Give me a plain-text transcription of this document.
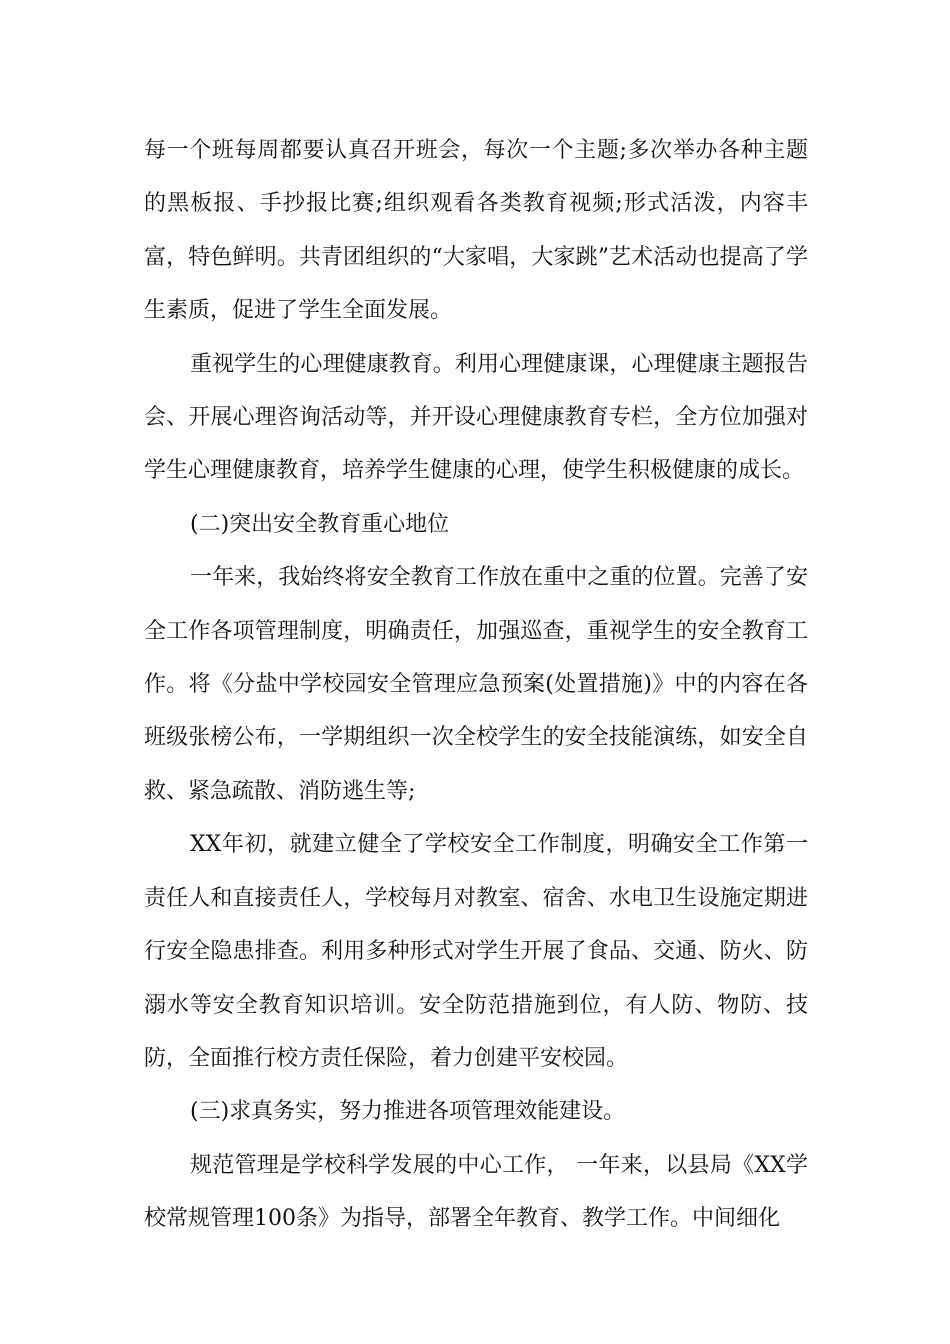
每一个班每周都要认真召开班会，每次一个主题;多次举办各种主题的黑板报、手抄报比赛;组织观看各类教育视频;形式活泼，内容丰富，特色鲜明。共青团组织的“大家唱，大家跳”艺术活动也提高了学生素质，促进了学生全面发展。

重视学生的心理健康教育。利用心理健康课，心理健康主题报告会、开展心理咨询活动等，并开设心理健康教育专栏，全方位加强对学生心理健康教育，培养学生健康的心理，使学生积极健康的成长。

(二)突出安全教育重心地位

一年来，我始终将安全教育工作放在重中之重的位置。完善了安全工作各项管理制度，明确责任，加强巡查，重视学生的安全教育工作。将《分盐中学校园安全管理应急预案(处置措施)》中的内容在各班级张榜公布，一学期组织一次全校学生的安全技能演练，如安全自救、紧急疏散、消防逃生等;

XX年初，就建立健全了学校安全工作制度，明确安全工作第一责任人和直接责任人，学校每月对教室、宿舍、水电卫生设施定期进行安全隐患排查。利用多种形式对学生开展了食品、交通、防火、防溺水等安全教育知识培训。安全防范措施到位，有人防、物防、技防，全面推行校方责任保险，着力创建平安校园。

(三)求真务实，努力推进各项管理效能建设。

规范管理是学校科学发展的中心工作， 一年来，以县局《XX学校常规管理100条》为指导，部署全年教育、教学工作。中间细化
